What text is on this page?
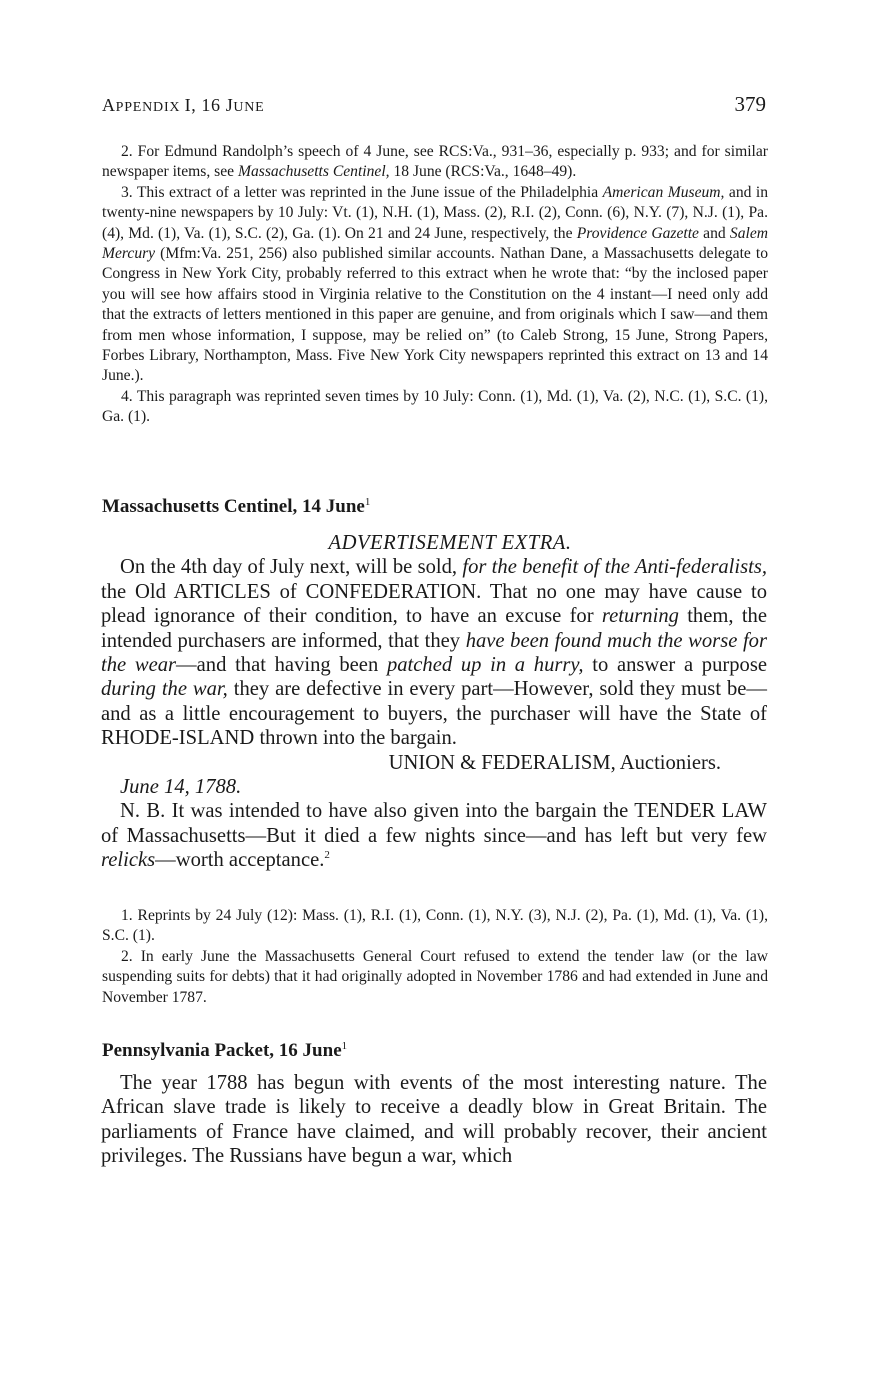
APPENDIX I, 16 JUNE	379

2. For Edmund Randolph’s speech of 4 June, see RCS:Va., 931–36, especially p. 933; and for similar newspaper items, see Massachusetts Centinel, 18 June (RCS:Va., 1648–49).

3. This extract of a letter was reprinted in the June issue of the Philadelphia American Museum, and in twenty-nine newspapers by 10 July: Vt. (1), N.H. (1), Mass. (2), R.I. (2), Conn. (6), N.Y. (7), N.J. (1), Pa. (4), Md. (1), Va. (1), S.C. (2), Ga. (1). On 21 and 24 June, respectively, the Providence Gazette and Salem Mercury (Mfm:Va. 251, 256) also published similar accounts. Nathan Dane, a Massachusetts delegate to Congress in New York City, probably referred to this extract when he wrote that: “by the inclosed paper you will see how affairs stood in Virginia relative to the Constitution on the 4 instant—I need only add that the extracts of letters mentioned in this paper are genuine, and from originals which I saw—and them from men whose information, I suppose, may be relied on” (to Caleb Strong, 15 June, Strong Papers, Forbes Library, Northampton, Mass. Five New York City newspapers reprinted this extract on 13 and 14 June.).

4. This paragraph was reprinted seven times by 10 July: Conn. (1), Md. (1), Va. (2), N.C. (1), S.C. (1), Ga. (1).

Massachusetts Centinel, 14 June$^1$

ADVERTISEMENT EXTRA.

On the 4th day of July next, will be sold, for the benefit of the Anti-federalists, the Old ARTICLES of CONFEDERATION. That no one may have cause to plead ignorance of their condition, to have an excuse for returning them, the intended purchasers are informed, that they have been found much the worse for the wear—and that having been patched up in a hurry, to answer a purpose during the war, they are defective in every part—However, sold they must be—and as a little encouragement to buyers, the purchaser will have the State of RHODE-ISLAND thrown into the bargain.

UNION & FEDERALISM, Auctioniers.

June 14, 1788.

N. B. It was intended to have also given into the bargain the TENDER LAW of Massachusetts—But it died a few nights since—and has left but very few relicks—worth acceptance.$^2$

1. Reprints by 24 July (12): Mass. (1), R.I. (1), Conn. (1), N.Y. (3), N.J. (2), Pa. (1), Md. (1), Va. (1), S.C. (1).

2. In early June the Massachusetts General Court refused to extend the tender law (or the law suspending suits for debts) that it had originally adopted in November 1786 and had extended in June and November 1787.

Pennsylvania Packet, 16 June$^1$

The year 1788 has begun with events of the most interesting nature. The African slave trade is likely to receive a deadly blow in Great Britain. The parliaments of France have claimed, and will probably recover, their ancient privileges. The Russians have begun a war, which
